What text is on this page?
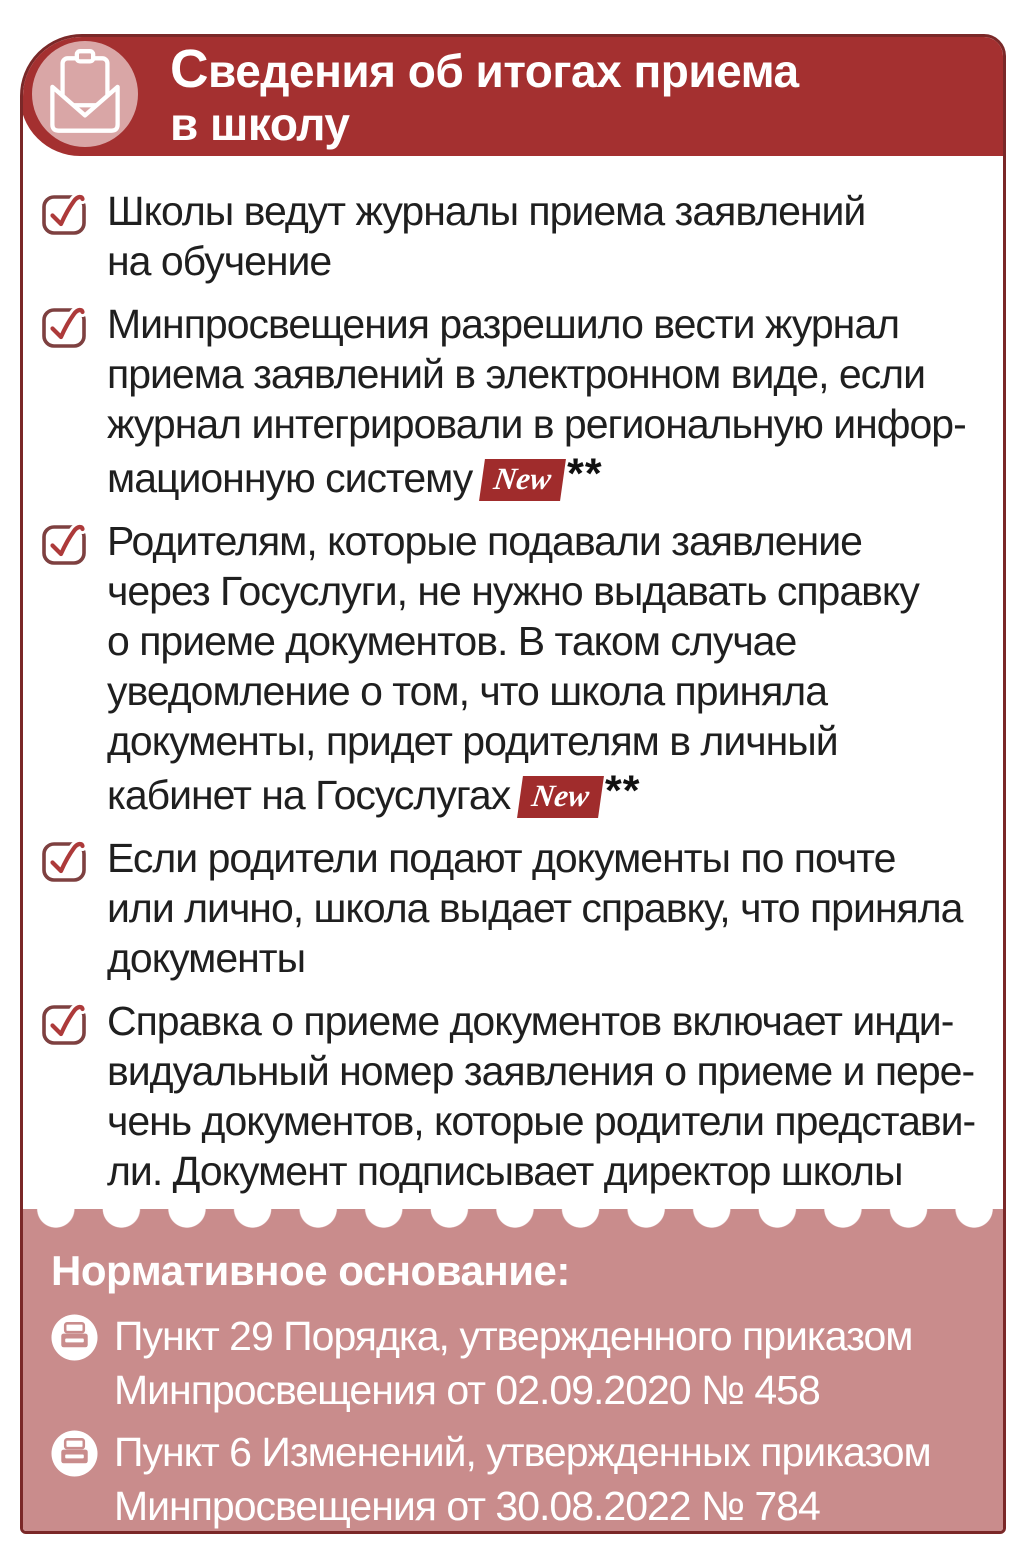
Сведения об итогах приема
в школу
Школы ведут журналы приема заявлений
на обучение
Минпросвещения разрешило вести журнал
приема заявлений в электронном виде, если
журнал интегрировали в региональную инфор-
мационную систему New **
Родителям, которые подавали заявление
через Госуслуги, не нужно выдавать справку
о приеме документов. В таком случае
уведомление о том, что школа приняла
документы, придет родителям в личный
кабинет на Госуслугах New **
Если родители подают документы по почте
или лично, школа выдает справку, что приняла
документы
Справка о приеме документов включает инди-
видуальный номер заявления о приеме и пере-
чень документов, которые родители представи-
ли. Документ подписывает директор школы
Нормативное основание:
Пункт 29 Порядка, утвержденного приказом
Минпросвещения от 02.09.2020 № 458
Пункт 6 Изменений, утвержденных приказом
Минпросвещения от 30.08.2022 № 784
